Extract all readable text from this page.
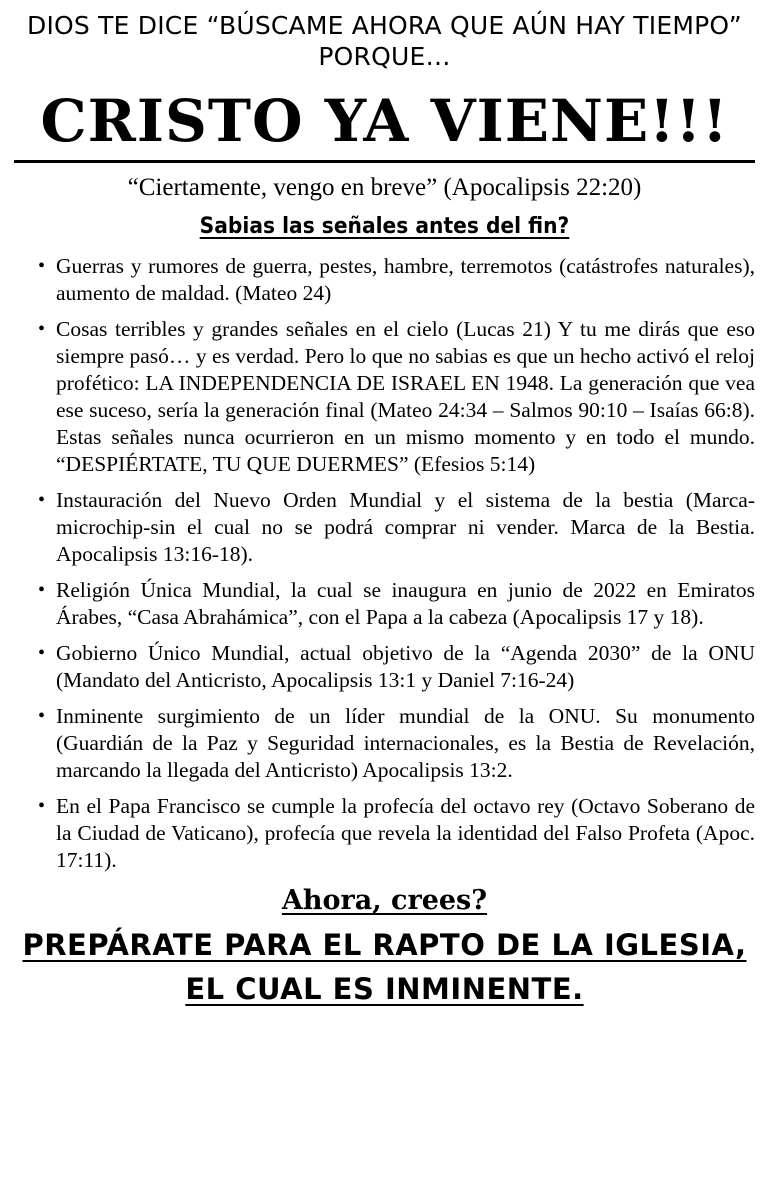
DIOS TE DICE “BÚSCAME AHORA QUE AÚN HAY TIEMPO”
PORQUE…
CRISTO YA VIENE!!!
“Ciertamente, vengo en breve” (Apocalipsis 22:20)
Sabias las señales antes del fin?
• Guerras y rumores de guerra, pestes, hambre, terremotos (catástrofes naturales), aumento de maldad. (Mateo 24)
• Cosas terribles y grandes señales en el cielo (Lucas 21) Y tu me dirás que eso siempre pasó… y es verdad. Pero lo que no sabias es que un hecho activó el reloj profético: LA INDEPENDENCIA DE ISRAEL EN 1948. La generación que vea ese suceso, sería la generación final (Mateo 24:34 – Salmos 90:10 – Isaías 66:8). Estas señales nunca ocurrieron en un mismo momento y en todo el mundo. “DESPIÉRTATE, TU QUE DUERMES” (Efesios 5:14)
• Instauración del Nuevo Orden Mundial y el sistema de la bestia (Marca-microchip-sin el cual no se podrá comprar ni vender. Marca de la Bestia. Apocalipsis 13:16-18).
• Religión Única Mundial, la cual se inaugura en junio de 2022 en Emiratos Árabes, “Casa Abrahámica”, con el Papa a la cabeza (Apocalipsis 17 y 18).
• Gobierno Único Mundial, actual objetivo de la “Agenda 2030” de la ONU (Mandato del Anticristo, Apocalipsis 13:1 y Daniel 7:16-24)
• Inminente surgimiento de un líder mundial de la ONU. Su monumento (Guardián de la Paz y Seguridad internacionales, es la Bestia de Revelación, marcando la llegada del Anticristo) Apocalipsis 13:2.
• En el Papa Francisco se cumple la profecía del octavo rey (Octavo Soberano de la Ciudad de Vaticano), profecía que revela la identidad del Falso Profeta (Apoc. 17:11).
Ahora, crees?
PREPÁRATE PARA EL RAPTO DE LA IGLESIA,
EL CUAL ES INMINENTE.
